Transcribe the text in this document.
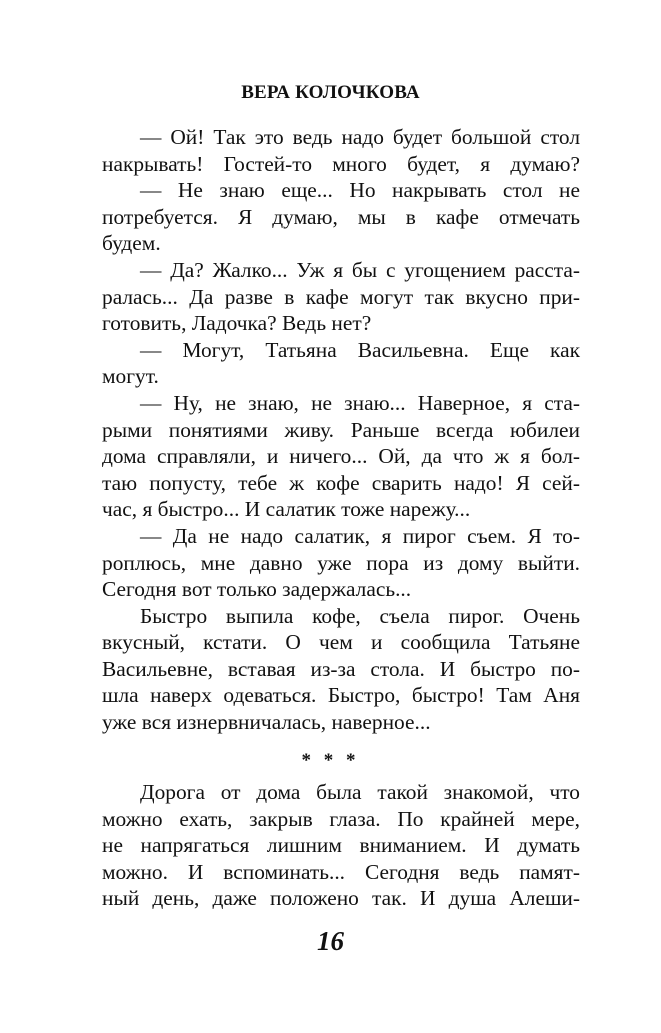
ВЕРА КОЛОЧКОВА
— Ой! Так это ведь надо будет большой стол
накрывать! Гостей-то много будет, я думаю?
— Не знаю еще... Но накрывать стол не
потребуется. Я думаю, мы в кафе отмечать
будем.
— Да? Жалко... Уж я бы с угощением расста-
ралась... Да разве в кафе могут так вкусно при-
готовить, Ладочка? Ведь нет?
— Могут, Татьяна Васильевна. Еще как
могут.
— Ну, не знаю, не знаю... Наверное, я ста-
рыми понятиями живу. Раньше всегда юбилеи
дома справляли, и ничего... Ой, да что ж я бол-
таю попусту, тебе ж кофе сварить надо! Я сей-
час, я быстро... И салатик тоже нарежу...
— Да не надо салатик, я пирог съем. Я то-
роплюсь, мне давно уже пора из дому выйти.
Сегодня вот только задержалась...
Быстро выпила кофе, съела пирог. Очень
вкусный, кстати. О чем и сообщила Татьяне
Васильевне, вставая из-за стола. И быстро по-
шла наверх одеваться. Быстро, быстро! Там Аня
уже вся изнервничалась, наверное...
* * *
Дорога от дома была такой знакомой, что
можно ехать, закрыв глаза. По крайней мере,
не напрягаться лишним вниманием. И думать
можно. И вспоминать... Сегодня ведь памят-
ный день, даже положено так. И душа Алеши-
16
